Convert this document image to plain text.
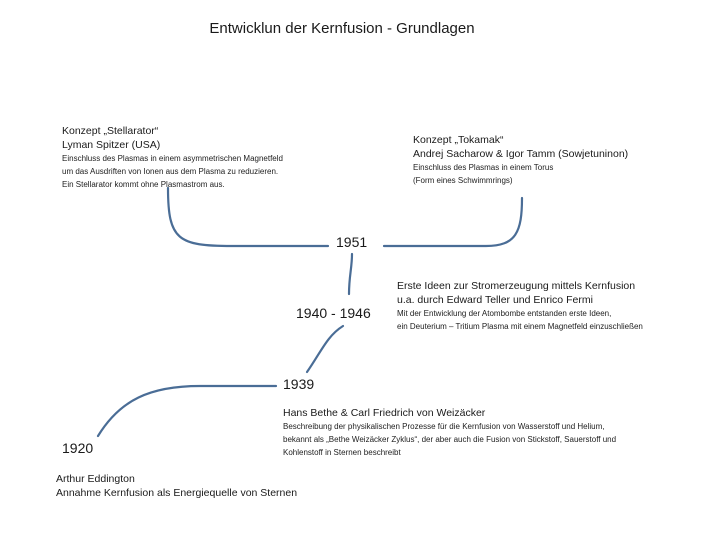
Entwicklun der Kernfusion - Grundlagen
Konzept „Stellarator“
Lyman Spitzer (USA)
Einschluss des Plasmas in einem asymmetrischen Magnetfeld
um das Ausdriften von Ionen aus dem Plasma zu reduzieren.
Ein Stellarator kommt ohne Plasmastrom aus.
Konzept „Tokamak“
Andrej Sacharow & Igor Tamm (Sowjetuninon)
Einschluss des Plasmas in einem Torus
(Form eines Schwimmrings)
1951
1940 - 1946
Erste Ideen zur Stromerzeugung mittels Kernfusion
u.a. durch Edward Teller und Enrico Fermi
Mit der Entwicklung der Atombombe entstanden erste Ideen,
ein Deuterium – Tritium Plasma mit einem Magnetfeld einzuschließen
1939
Hans Bethe & Carl Friedrich von Weizäcker
Beschreibung der physikalischen Prozesse für die Kernfusion von Wasserstoff und Helium,
bekannt als „Bethe Weizäcker Zyklus“, der aber auch die Fusion von Stickstoff, Sauerstoff und
Kohlenstoff in Sternen beschreibt
1920
Arthur Eddington
Annahme Kernfusion als Energiequelle von Sternen
